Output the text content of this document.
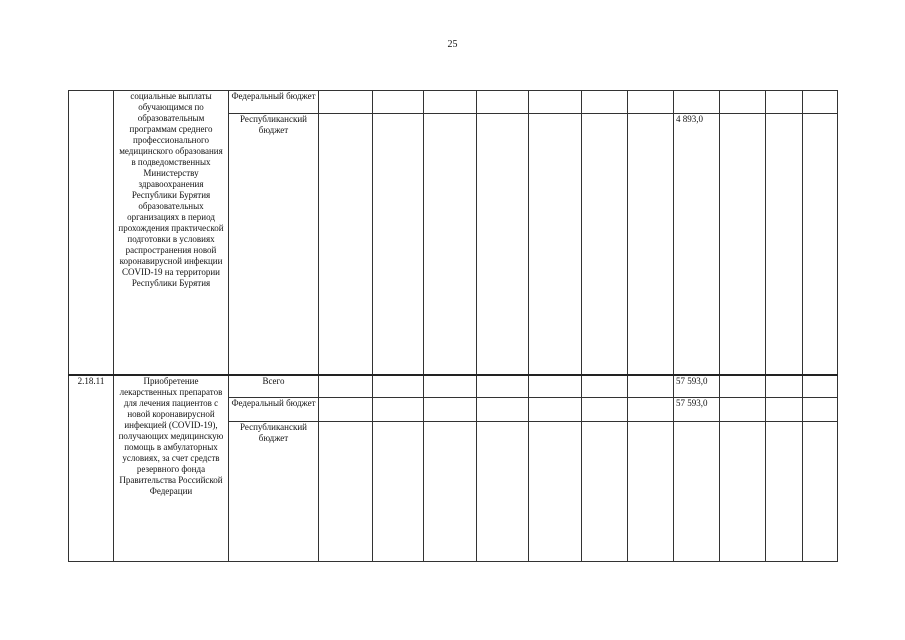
25
	социальные выплаты обучающимся по образовательным программам среднего профессионального медицинского образования в подведомственных Министерству здравоохранения Республики Бурятия образовательных организациях в период прохождения практической подготовки в условиях распространения новой коронавирусной инфекции COVID-19 на территории Республики Бурятия	Федеральный бюджет											
		Республиканский бюджет								4 893,0			
2.18.11	Приобретение лекарственных препаратов для лечения пациентов с новой коронавирусной инфекцией (COVID-19), получающих медицинскую помощь в амбулаторных условиях, за счет средств резервного фонда Правительства Российской Федерации	Всего								57 593,0			
		Федеральный бюджет								57 593,0			
		Республиканский бюджет											
